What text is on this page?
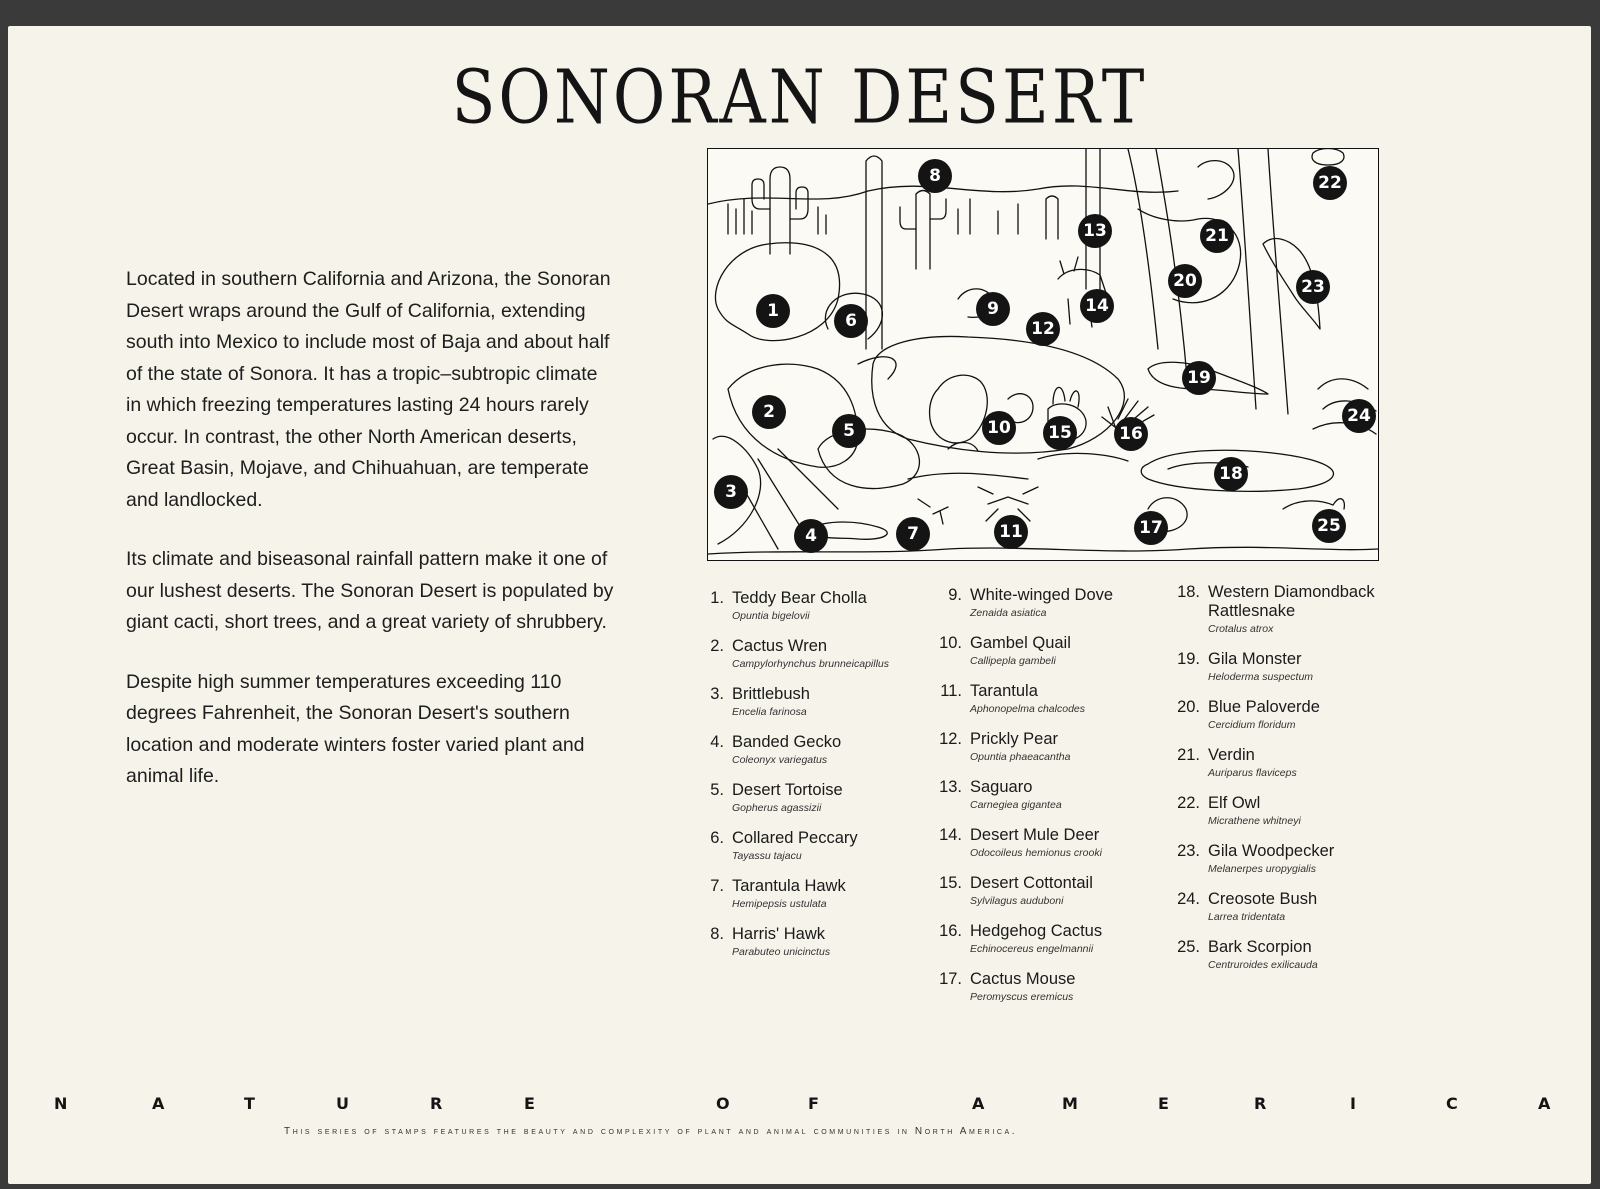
SONORAN DESERT

Located in southern California and Arizona, the Sonoran Desert wraps around the Gulf of California, extending south into Mexico to include most of Baja and about half of the state of Sonora. It has a tropic–subtropic climate in which freezing temperatures lasting 24 hours rarely occur. In contrast, the other North American deserts, Great Basin, Mojave, and Chihuahuan, are temperate and landlocked.

Its climate and biseasonal rainfall pattern make it one of our lushest deserts. The Sonoran Desert is populated by giant cacti, short trees, and a great variety of shrubbery.

Despite high summer temperatures exceeding 110 degrees Fahrenheit, the Sonoran Desert's southern location and moderate winters foster varied plant and animal life.

1
2
3
4
5
6
7
8
9
10
11
12
13
14
15	16
17
18
19
20
21
22
23
24
25
1. Teddy Bear Cholla
Opuntia bigelovii
2. Cactus Wren
Campylorhynchus brunneicapillus
3. Brittlebush
Encelia farinosa
4. Banded Gecko
Coleonyx variegatus
5. Desert Tortoise
Gopherus agassizii
6. Collared Peccary
Tayassu tajacu
7. Tarantula Hawk
Hemipepsis ustulata
8. Harris' Hawk
Parabuteo unicinctus
9. White-winged Dove
Zenaida asiatica
10. Gambel Quail
Callipepla gambeli
11. Tarantula
Aphonopelma chalcodes
12. Prickly Pear
Opuntia phaeacantha
13. Saguaro
Carnegiea gigantea
14. Desert Mule Deer
Odocoileus hemionus crooki
15. Desert Cottontail
Sylvilagus auduboni
16. Hedgehog Cactus
Echinocereus engelmannii
17. Cactus Mouse
Peromyscus eremicus
18. Western Diamondback
Rattlesnake
Crotalus atrox
19. Gila Monster
Heloderma suspectum
20. Blue Paloverde
Cercidium floridum
21. Verdin
Auriparus flaviceps
22. Elf Owl
Micrathene whitneyi
23. Gila Woodpecker
Melanerpes uropygialis
24. Creosote Bush
Larrea tridentata
25. Bark Scorpion
Centruroides exilicauda
N	A	T	U	R	E	O	F	A	M	E	R	I	C	A
This series of stamps features the beauty and complexity of plant and animal communities in North America.
